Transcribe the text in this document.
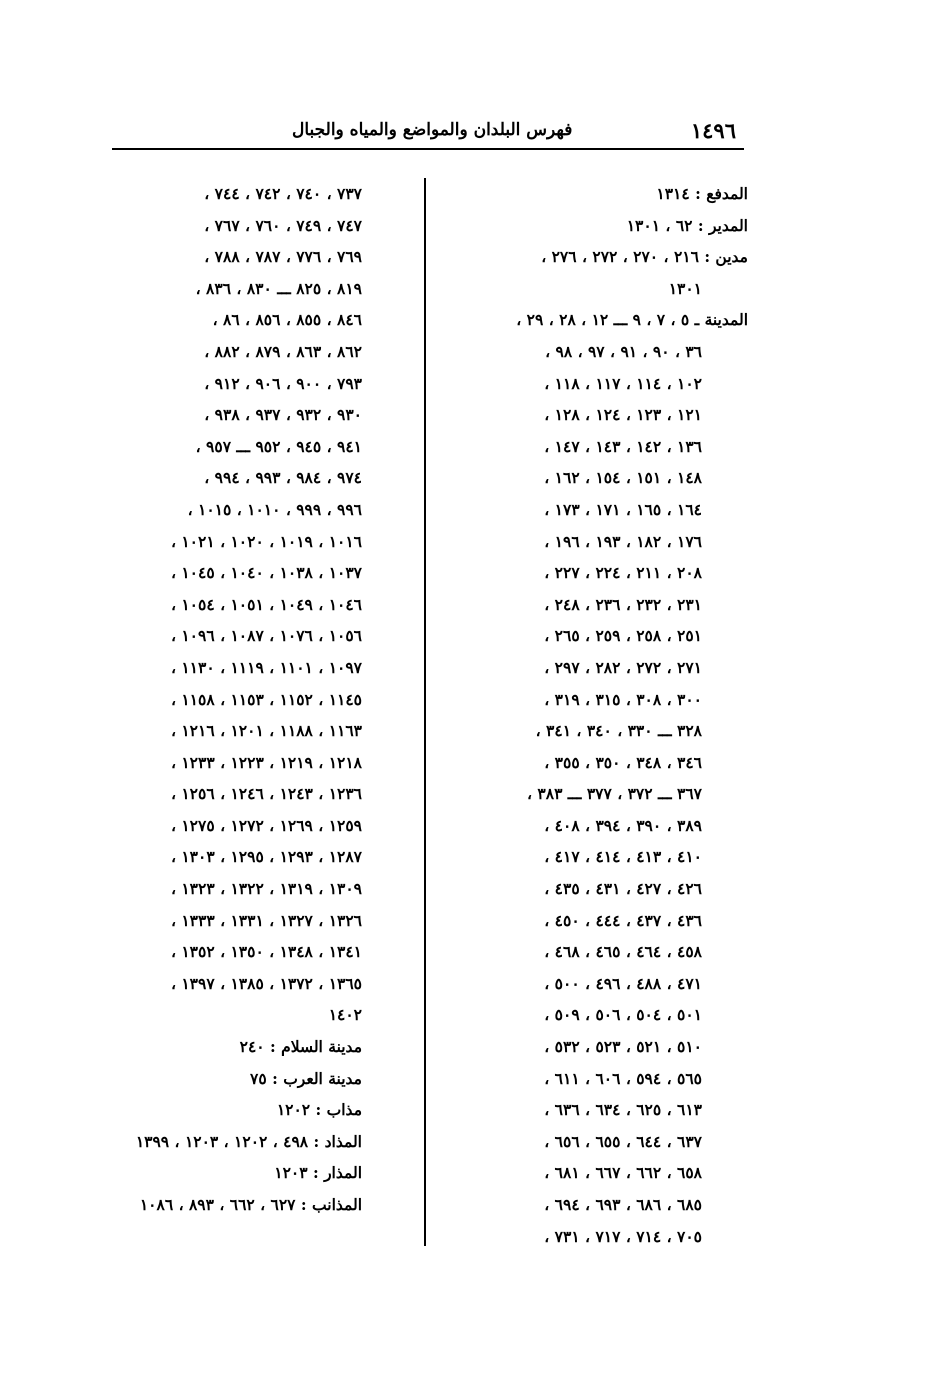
١٤٩٦
فهرس البلدان والمواضع والمياه والجبال
المدفع : ١٣١٤
المدير : ٦٢ ، ١٣٠١
مدين : ٢١٦ ، ٢٧٠ ، ٢٧٢ ، ٢٧٦ ،
١٣٠١
المدينة ـ ٥ ، ٧ ، ٩ ـــ ١٢ ، ٢٨ ، ٢٩ ،
٣٦ ، ٩٠ ، ٩١ ، ٩٧ ، ٩٨ ،
١٠٢ ، ١١٤ ، ١١٧ ، ١١٨ ،
١٢١ ، ١٢٣ ، ١٢٤ ، ١٢٨ ،
١٣٦ ، ١٤٢ ، ١٤٣ ، ١٤٧ ،
١٤٨ ، ١٥١ ، ١٥٤ ، ١٦٢ ،
١٦٤ ، ١٦٥ ، ١٧١ ، ١٧٣ ،
١٧٦ ، ١٨٢ ، ١٩٣ ، ١٩٦ ،
٢٠٨ ، ٢١١ ، ٢٢٤ ، ٢٢٧ ،
٢٣١ ، ٢٣٢ ، ٢٣٦ ، ٢٤٨ ،
٢٥١ ، ٢٥٨ ، ٢٥٩ ، ٢٦٥ ،
٢٧١ ، ٢٧٢ ، ٢٨٢ ، ٢٩٧ ،
٣٠٠ ، ٣٠٨ ، ٣١٥ ، ٣١٩ ،
٣٢٨ ـــ ٣٣٠ ، ٣٤٠ ، ٣٤١ ،
٣٤٦ ، ٣٤٨ ، ٣٥٠ ، ٣٥٥ ،
٣٦٧ ـــ ٣٧٢ ، ٣٧٧ ـــ ٣٨٣ ،
٣٨٩ ، ٣٩٠ ، ٣٩٤ ، ٤٠٨ ،
٤١٠ ، ٤١٣ ، ٤١٤ ، ٤١٧ ،
٤٢٦ ، ٤٢٧ ، ٤٣١ ، ٤٣٥ ،
٤٣٦ ، ٤٣٧ ، ٤٤٤ ، ٤٥٠ ،
٤٥٨ ، ٤٦٤ ، ٤٦٥ ، ٤٦٨ ،
٤٧١ ، ٤٨٨ ، ٤٩٦ ، ٥٠٠ ،
٥٠١ ، ٥٠٤ ، ٥٠٦ ، ٥٠٩ ،
٥١٠ ، ٥٢١ ، ٥٢٣ ، ٥٣٢ ،
٥٦٥ ، ٥٩٤ ، ٦٠٦ ، ٦١١ ،
٦١٣ ، ٦٢٥ ، ٦٣٤ ، ٦٣٦ ،
٦٣٧ ، ٦٤٤ ، ٦٥٥ ، ٦٥٦ ،
٦٥٨ ، ٦٦٢ ، ٦٦٧ ، ٦٨١ ،
٦٨٥ ، ٦٨٦ ، ٦٩٣ ، ٦٩٤ ،
٧٠٥ ، ٧١٤ ، ٧١٧ ، ٧٣١ ،
٧٣٧ ، ٧٤٠ ، ٧٤٢ ، ٧٤٤ ،
٧٤٧ ، ٧٤٩ ، ٧٦٠ ، ٧٦٧ ،
٧٦٩ ، ٧٧٦ ، ٧٨٧ ، ٧٨٨ ،
٨١٩ ، ٨٢٥ ـــ ٨٣٠ ، ٨٣٦ ،
٨٤٦ ، ٨٥٥ ، ٨٥٦ ، ٨٦ ،
٨٦٢ ، ٨٦٣ ، ٨٧٩ ، ٨٨٢ ،
٧٩٣ ، ٩٠٠ ، ٩٠٦ ، ٩١٢ ،
٩٣٠ ، ٩٣٢ ، ٩٣٧ ، ٩٣٨ ،
٩٤١ ، ٩٤٥ ، ٩٥٢ ـــ ٩٥٧ ،
٩٧٤ ، ٩٨٤ ، ٩٩٣ ، ٩٩٤ ،
٩٩٦ ، ٩٩٩ ، ١٠١٠ ، ١٠١٥ ،
١٠١٦ ، ١٠١٩ ، ١٠٢٠ ، ١٠٢١ ،
١٠٣٧ ، ١٠٣٨ ، ١٠٤٠ ، ١٠٤٥ ،
١٠٤٦ ، ١٠٤٩ ، ١٠٥١ ، ١٠٥٤ ،
١٠٥٦ ، ١٠٧٦ ، ١٠٨٧ ، ١٠٩٦ ،
١٠٩٧ ، ١١٠١ ، ١١١٩ ، ١١٣٠ ،
١١٤٥ ، ١١٥٢ ، ١١٥٣ ، ١١٥٨ ،
١١٦٣ ، ١١٨٨ ، ١٢٠١ ، ١٢١٦ ،
١٢١٨ ، ١٢١٩ ، ١٢٢٣ ، ١٢٣٣ ،
١٢٣٦ ، ١٢٤٣ ، ١٢٤٦ ، ١٢٥٦ ،
١٢٥٩ ، ١٢٦٩ ، ١٢٧٢ ، ١٢٧٥ ،
١٢٨٧ ، ١٢٩٣ ، ١٢٩٥ ، ١٣٠٣ ،
١٣٠٩ ، ١٣١٩ ، ١٣٢٢ ، ١٣٢٣ ،
١٣٢٦ ، ١٣٢٧ ، ١٣٣١ ، ١٣٣٣ ،
١٣٤١ ، ١٣٤٨ ، ١٣٥٠ ، ١٣٥٢ ،
١٣٦٥ ، ١٣٧٢ ، ١٣٨٥ ، ١٣٩٧ ،
١٤٠٢
مدينة السلام : ٢٤٠
مدينة العرب : ٧٥
مذاب : ١٢٠٢
المذاد : ٤٩٨ ، ١٢٠٢ ، ١٢٠٣ ، ١٣٩٩
المذار : ١٢٠٣
المذانب : ٦٢٧ ، ٦٦٢ ، ٨٩٣ ، ١٠٨٦
